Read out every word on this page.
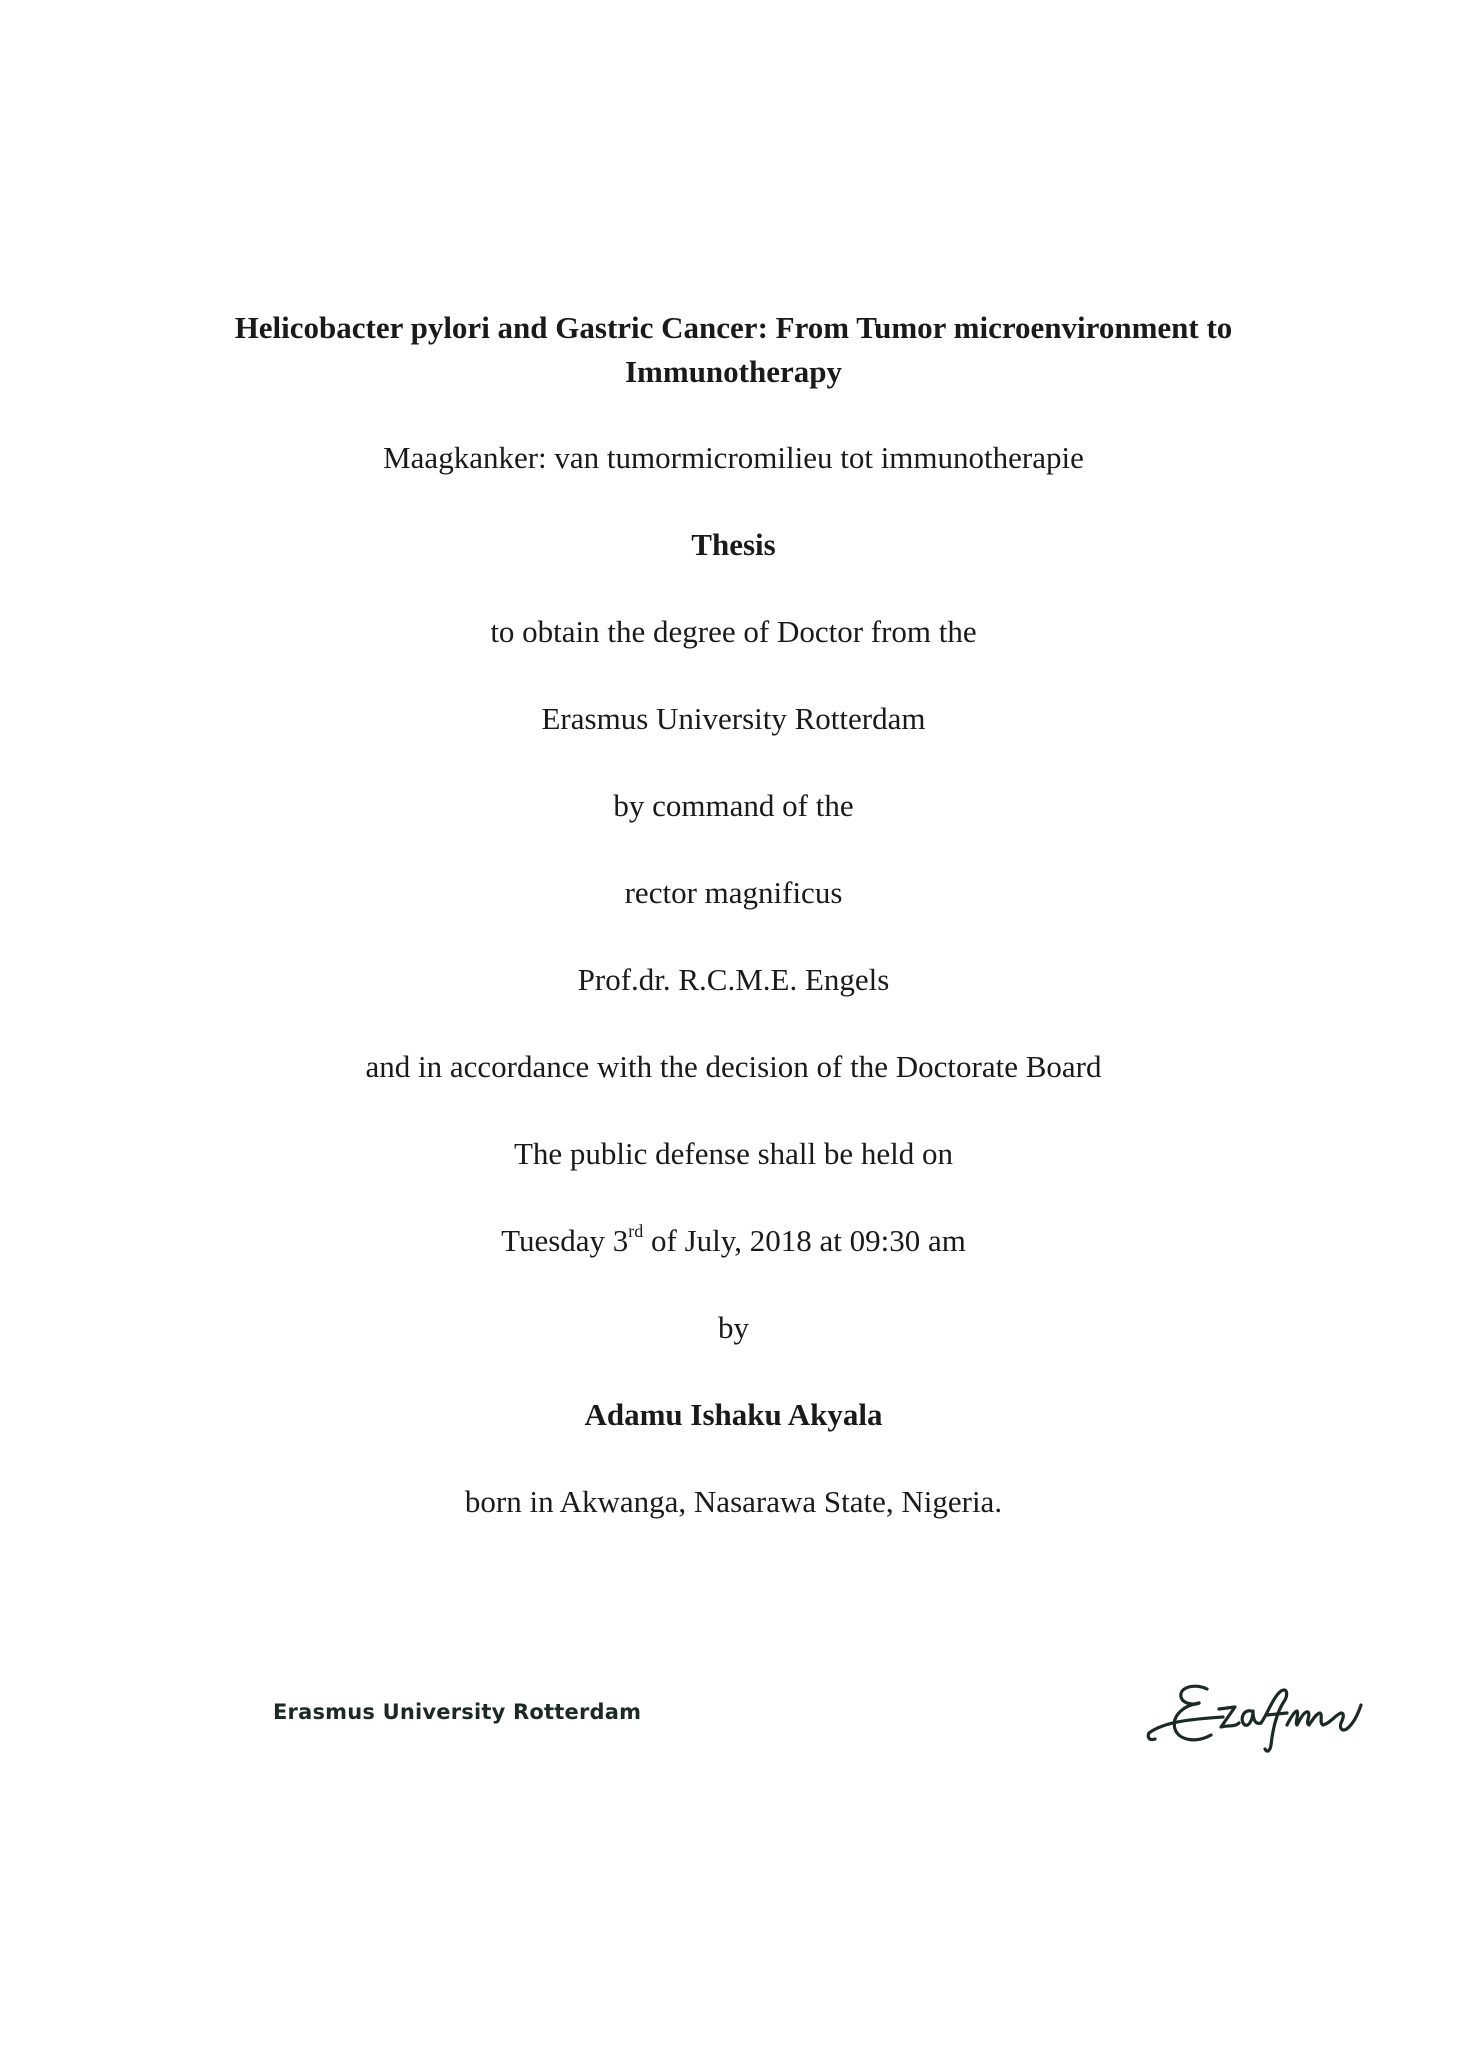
Helicobacter pylori and Gastric Cancer: From Tumor microenvironment to Immunotherapy
Maagkanker: van tumormicromilieu tot immunotherapie
Thesis
to obtain the degree of Doctor from the
Erasmus University Rotterdam
by command of the
rector magnificus
Prof.dr. R.C.M.E. Engels
and in accordance with the decision of the Doctorate Board
The public defense shall be held on
Tuesday 3rd of July, 2018 at 09:30 am
by
Adamu Ishaku Akyala
born in Akwanga, Nasarawa State, Nigeria.
Erasmus University Rotterdam
Erasmus
